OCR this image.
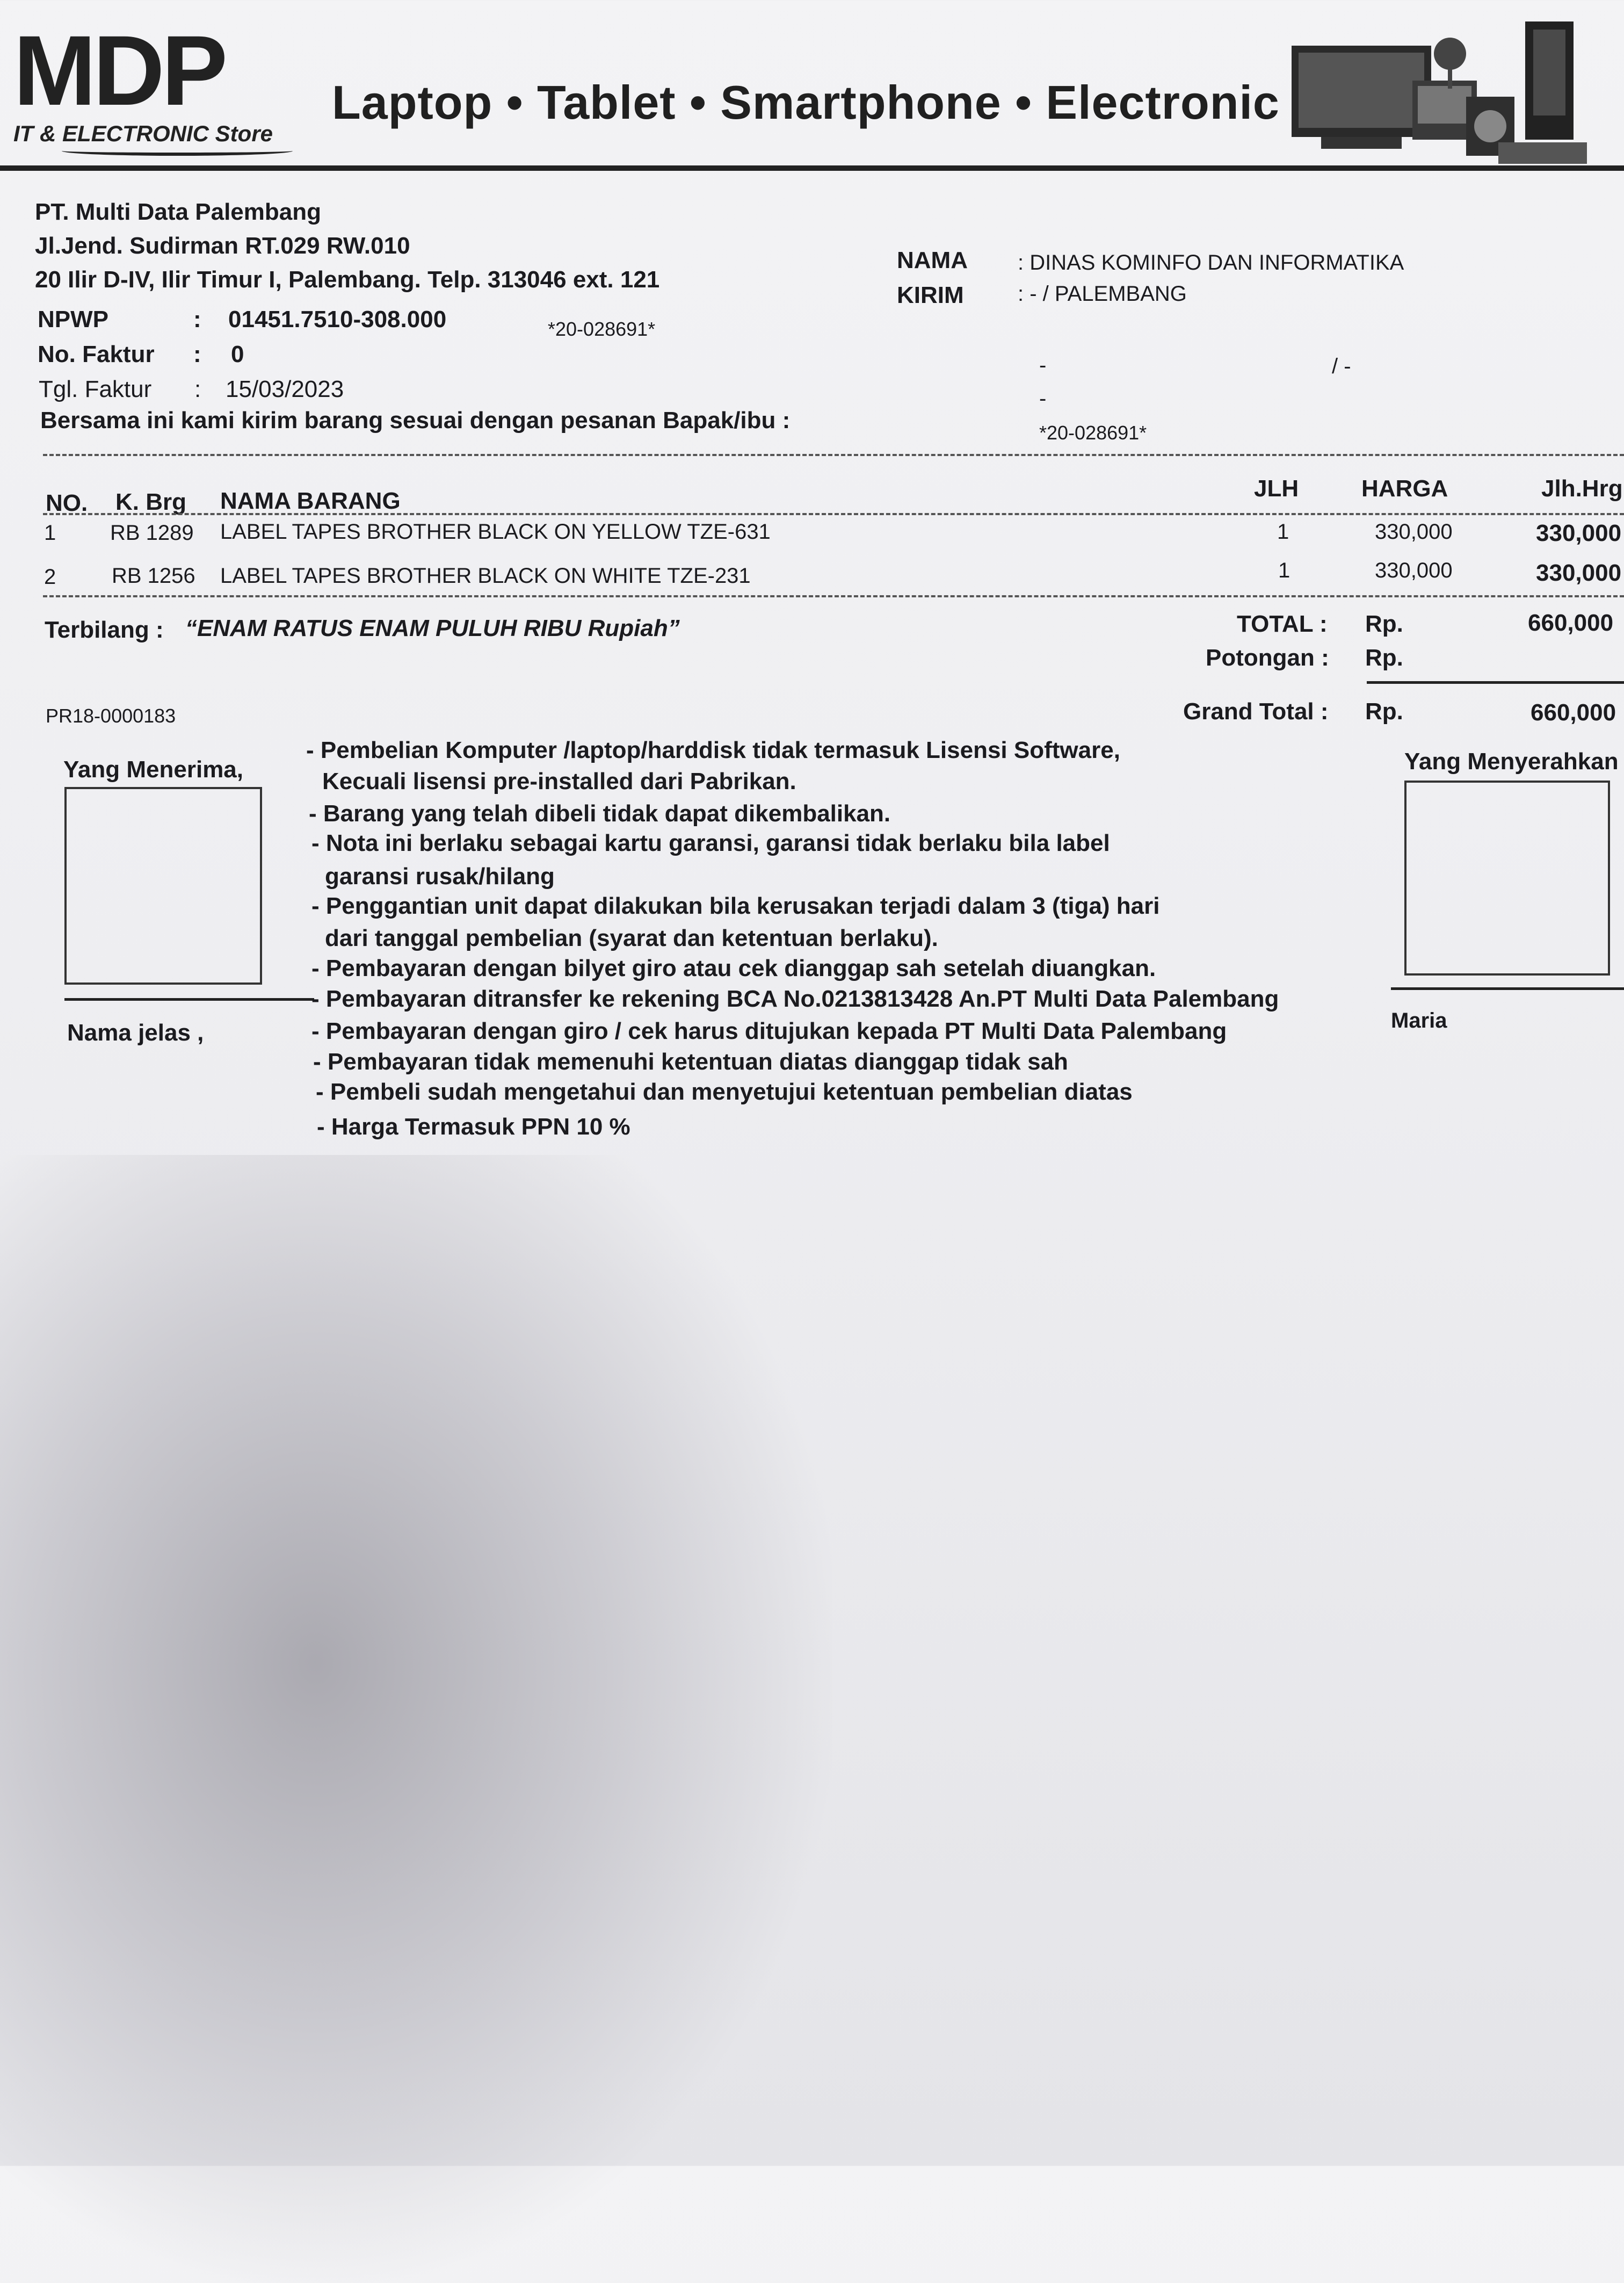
MDP
IT & ELECTRONIC Store
Laptop • Tablet • Smartphone • Electronic
PT. Multi Data Palembang
Jl.Jend. Sudirman RT.029 RW.010
20 Ilir D-IV, Ilir Timur I, Palembang. Telp. 313046 ext. 121
NPWP	: 01451.7510-308.000	*20-028691*
No. Faktur : 0
Tgl. Faktur : 15/03/2023
Bersama ini kami kirim barang sesuai dengan pesanan Bapak/ibu :
NAMA : DINAS KOMINFO DAN INFORMATIKA
KIRIM	: - / PALEMBANG
-	/ -
-
*20-028691*
NO. K. Brg NAMA BARANG	JLH	HARGA	Jlh.Hrg
1	RB 1289 LABEL TAPES BROTHER BLACK ON YELLOW TZE-631	1	330,000	330,000
2	RB 1256 LABEL TAPES BROTHER BLACK ON WHITE TZE-231	1	330,000	330,000
Terbilang : “ENAM RATUS ENAM PULUH RIBU Rupiah”	TOTAL : Rp.	660,000
Potongan : Rp.
PR18-0000183	Grand Total : Rp.	660,000
Yang Menerima,
Nama jelas ,
Yang Menyerahkan
Maria
- Pembelian Komputer /laptop/harddisk tidak termasuk Lisensi Software,
Kecuali lisensi pre-installed dari Pabrikan.
- Barang yang telah dibeli tidak dapat dikembalikan.
- Nota ini berlaku sebagai kartu garansi, garansi tidak berlaku bila label
garansi rusak/hilang
- Penggantian unit dapat dilakukan bila kerusakan terjadi dalam 3 (tiga) hari
dari tanggal pembelian (syarat dan ketentuan berlaku).
- Pembayaran dengan bilyet giro atau cek dianggap sah setelah diuangkan.
- Pembayaran ditransfer ke rekening BCA No.0213813428 An.PT Multi Data Palembang
- Pembayaran dengan giro / cek harus ditujukan kepada PT Multi Data Palembang
- Pembayaran tidak memenuhi ketentuan diatas dianggap tidak sah
- Pembeli sudah mengetahui dan menyetujui ketentuan pembelian diatas
- Harga Termasuk PPN 10 %
